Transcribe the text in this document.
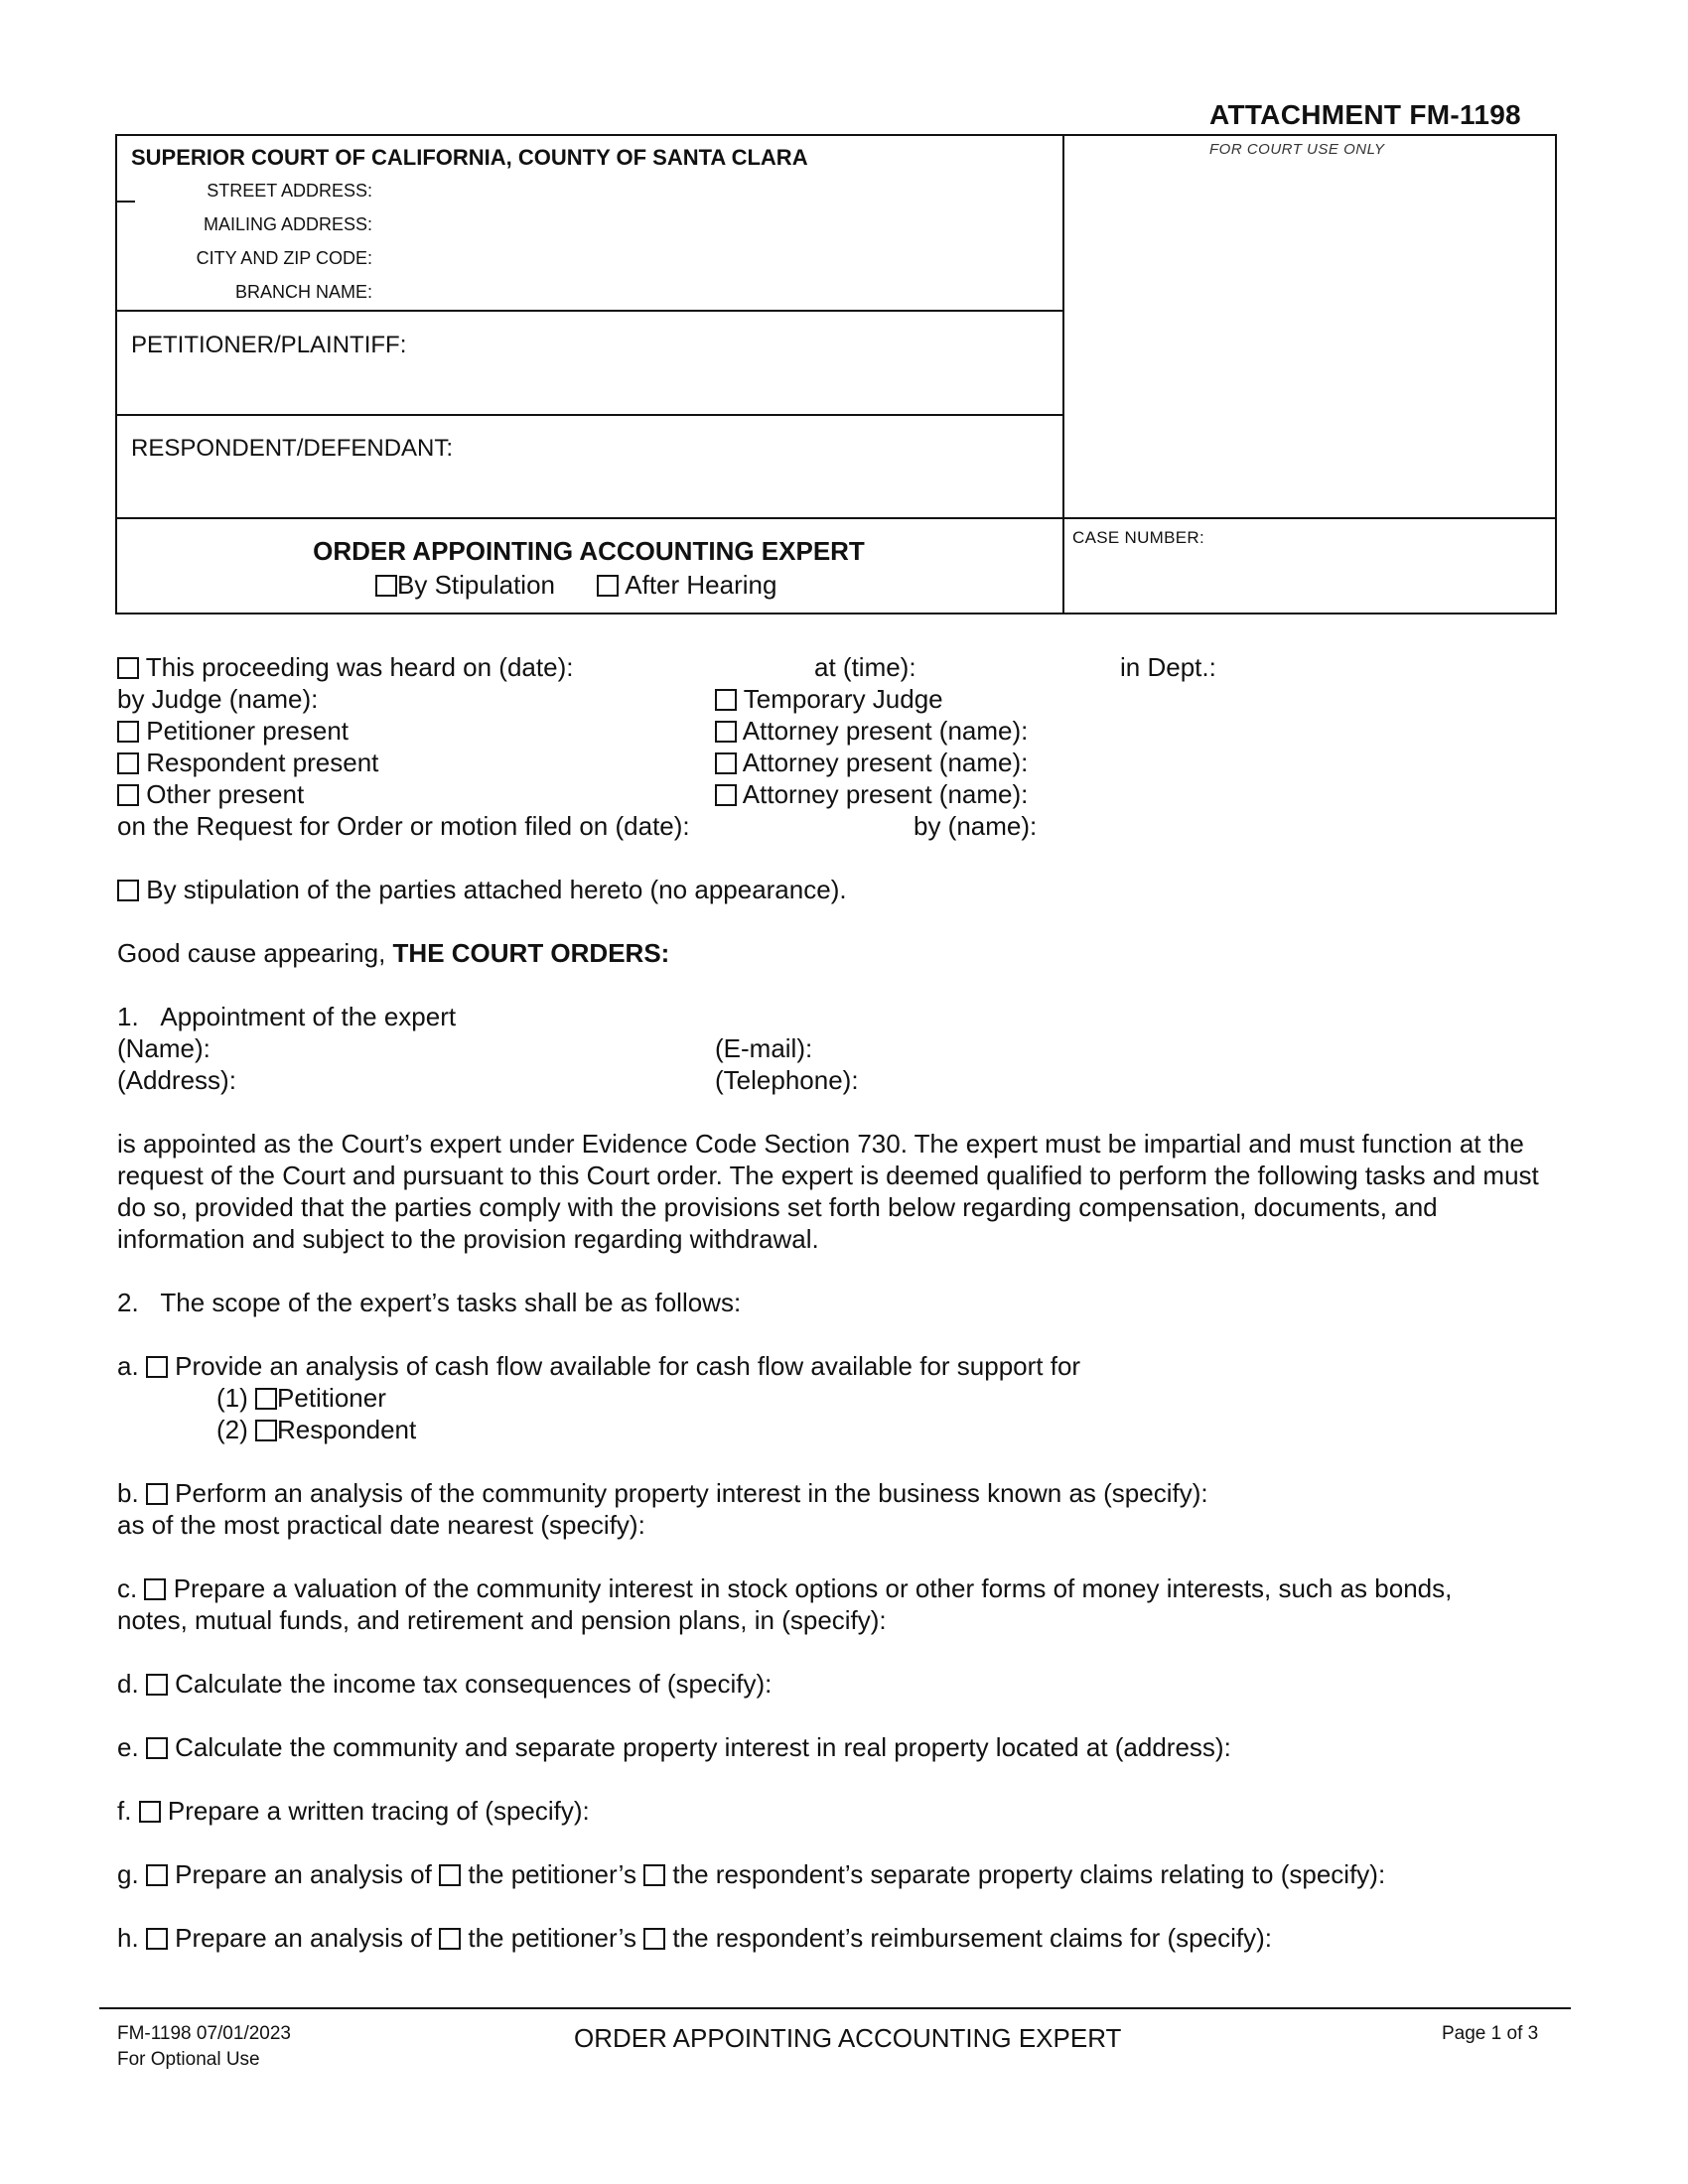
ATTACHMENT FM-1198
SUPERIOR COURT OF CALIFORNIA, COUNTY OF SANTA CLARA
STREET ADDRESS:
MAILING ADDRESS:
CITY AND ZIP CODE:
BRANCH NAME:
PETITIONER/PLAINTIFF:
RESPONDENT/DEFENDANT:
FOR COURT USE ONLY
CASE NUMBER:
ORDER APPOINTING ACCOUNTING EXPERT
By Stipulation	After Hearing
This proceeding was heard on (date):	at (time):	in Dept.:
by Judge (name):	Temporary Judge
Petitioner present	Attorney present (name):
Respondent present	Attorney present (name):
Other present	Attorney present (name):
on the Request for Order or motion filed on (date):	by (name):
By stipulation of the parties attached hereto (no appearance).
Good cause appearing, THE COURT ORDERS:
1.   Appointment of the expert
(Name):	(E-mail):
(Address):	(Telephone):
is appointed as the Court’s expert under Evidence Code Section 730. The expert must be impartial and must function at the request of the Court and pursuant to this Court order. The expert is deemed qualified to perform the following tasks and must do so, provided that the parties comply with the provisions set forth below regarding compensation, documents, and information and subject to the provision regarding withdrawal.
2.   The scope of the expert’s tasks shall be as follows:
a. Provide an analysis of cash flow available for cash flow available for support for
(1) Petitioner
(2) Respondent
b. Perform an analysis of the community property interest in the business known as (specify):
as of the most practical date nearest (specify):
c. Prepare a valuation of the community interest in stock options or other forms of money interests, such as bonds,
notes, mutual funds, and retirement and pension plans, in (specify):
d. Calculate the income tax consequences of (specify):
e. Calculate the community and separate property interest in real property located at (address):
f. Prepare a written tracing of (specify):
g. Prepare an analysis of the petitioner’s the respondent’s separate property claims relating to (specify):
h. Prepare an analysis of the petitioner’s the respondent’s reimbursement claims for (specify):
FM-1198 07/01/2023
For Optional Use
ORDER APPOINTING ACCOUNTING EXPERT	Page 1 of 3
